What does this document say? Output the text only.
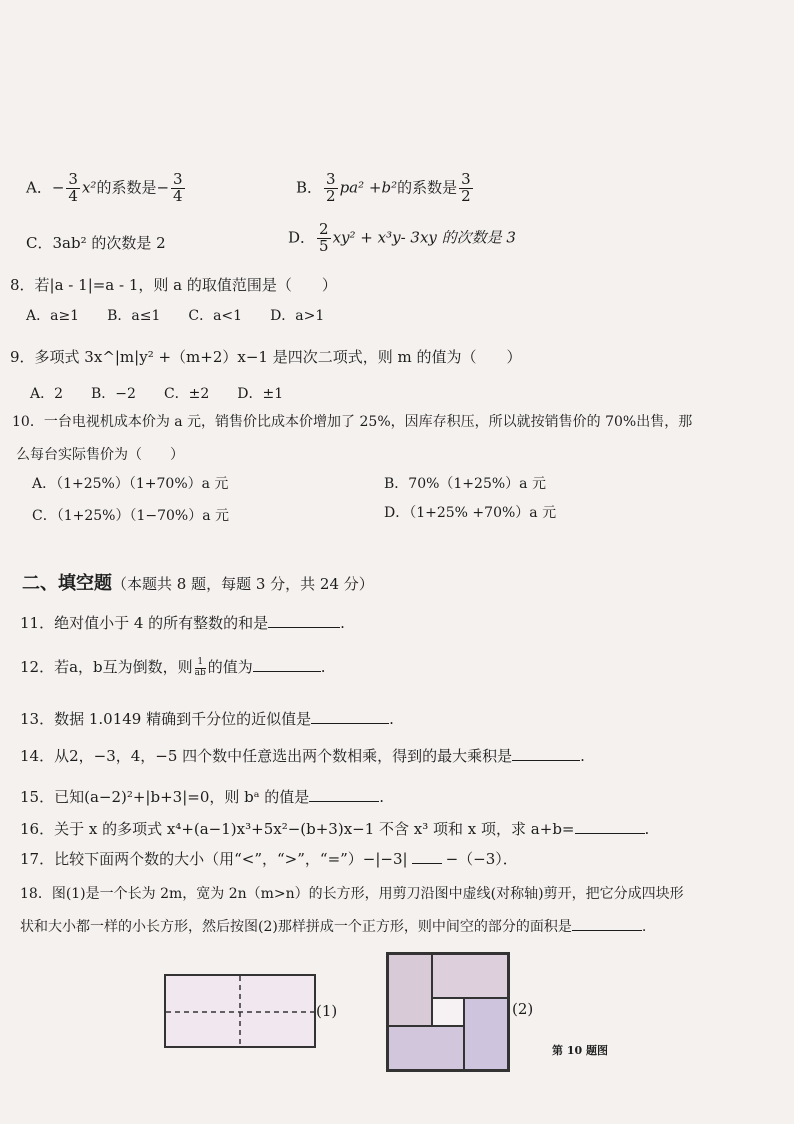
A．− $\frac{3}{4} x^2$的系数是− $\frac{3}{4}$	B． $\frac{3}{2} pa^2 +b^2$的系数是 $\frac{3}{2}$
C．3ab² 的次数是 2	D． $\frac{2}{5} xy^2 + x^3y-$ 3xy 的次数是 3
8．若|a - 1|=a - 1，则 a 的取值范围是（　　）
A．a≥1　　B．a≤1　　C．a<1　　D．a>1
9．多项式 3x^|m|y² +（m+2）x−1 是四次二项式，则 m 的值为（　　）
A．2　　B．−2　　C．±2　　D．±1
10．一台电视机成本价为 a 元，销售价比成本价增加了 25%，因库存积压，所以就按销售价的 70%出售，那
么每台实际售价为（　　）
A．（1+25%）（1+70%）a 元	B．70%（1+25%）a 元
C．（1+25%）（1−70%）a 元	D．（1+25% +70%）a 元
二、填空题（本题共 8 题，每题 3 分，共 24 分）
11．绝对值小于 4 的所有整数的和是	.
12．若a，b互为倒数，则 $\frac{1}{ab}$ 的值为	.
13．数据 1.0149 精确到千分位的近似值是	.
14．从2，−3，4，−5 四个数中任意选出两个数相乘，得到的最大乘积是	.
15．已知(a−2)²+|b+3|=0，则 bᵃ 的值是	.
16．关于 x 的多项式 x⁴+(a−1)x³+5x²−(b+3)x−1 不含 x³ 项和 x 项，求 a+b=	.
17．比较下面两个数的大小（用“<”，“>”，“=”）−|−3|	−（−3）．
18．图(1)是一个长为 2m，宽为 2n（m>n）的长方形，用剪刀沿图中虚线(对称轴)剪开，把它分成四块形
状和大小都一样的小长方形，然后按图(2)那样拼成一个正方形，则中间空的部分的面积是	.
(1)	(2)
第 10 题图
